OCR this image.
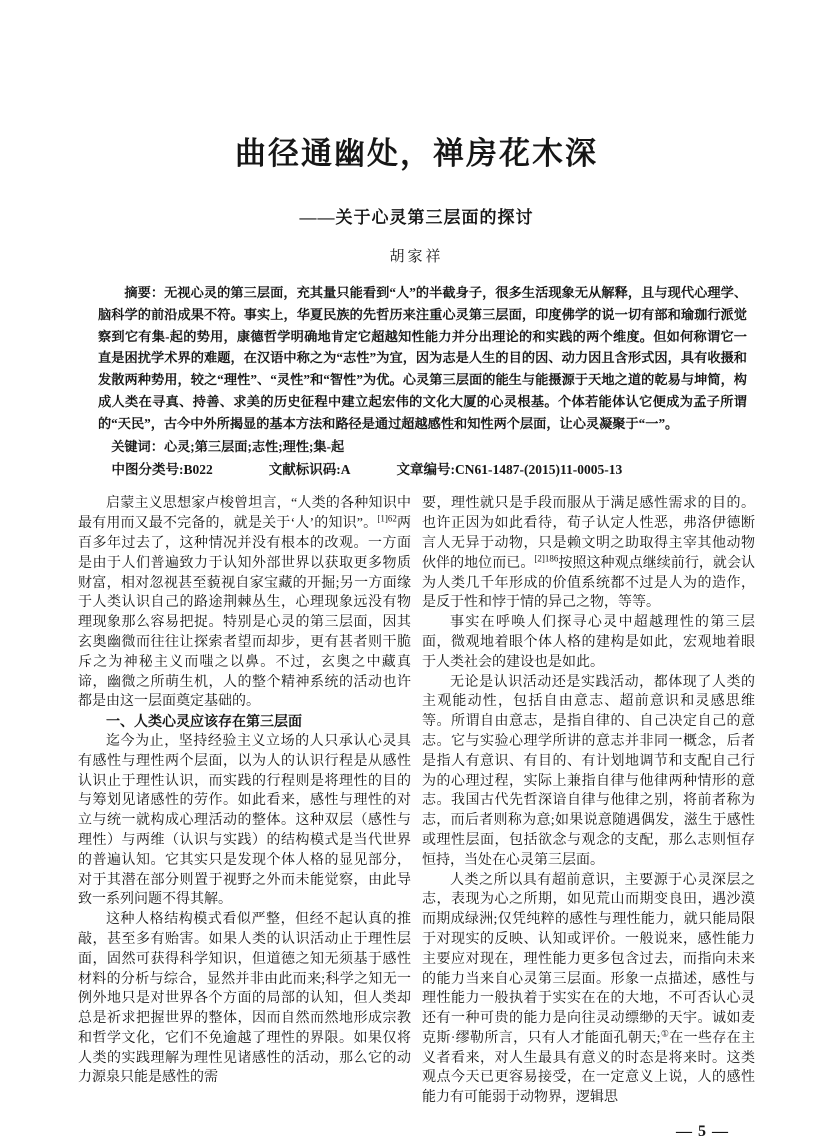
曲径通幽处，禅房花木深
——关于心灵第三层面的探讨
胡家祥
摘要：无视心灵的第三层面，充其量只能看到“人”的半截身子，很多生活现象无从解释，且与现代心理学、脑科学的前沿成果不符。事实上，华夏民族的先哲历来注重心灵第三层面，印度佛学的说一切有部和瑜珈行派觉察到它有集-起的势用，康德哲学明确地肯定它超越知性能力并分出理论的和实践的两个维度。但如何称谓它一直是困扰学术界的难题，在汉语中称之为“志性”为宜，因为志是人生的目的因、动力因且含形式因，具有收摄和发散两种势用，较之“理性”、“灵性”和“智性”为优。心灵第三层面的能生与能摄源于天地之道的乾易与坤简，构成人类在寻真、持善、求美的历史征程中建立起宏伟的文化大厦的心灵根基。个体若能体认它便成为孟子所谓的“天民”，古今中外所揭显的基本方法和路径是通过超越感性和知性两个层面，让心灵凝聚于“一”。
关键词：心灵;第三层面;志性;理性;集-起
中图分类号:B022	文献标识码:A	文章编号:CN61-1487-(2015)11-0005-13

启蒙主义思想家卢梭曾坦言，“人类的各种知识中最有用而又最不完备的，就是关于‘人’的知识”。$^{[1]62}$两百多年过去了，这种情况并没有根本的改观。一方面是由于人们普遍致力于认知外部世界以获取更多物质财富，相对忽视甚至藐视自家宝藏的开掘;另一方面缘于人类认识自己的路途荆棘丛生，心理现象远没有物理现象那么容易把捉。特别是心灵的第三层面，因其玄奥幽微而往往让探索者望而却步，更有甚者则干脆斥之为神秘主义而嗤之以鼻。不过，玄奥之中藏真谛，幽微之所萌生机，人的整个精神系统的活动也许都是由这一层面奠定基础的。

一、人类心灵应该存在第三层面

迄今为止，坚持经验主义立场的人只承认心灵具有感性与理性两个层面，以为人的认识行程是从感性认识止于理性认识，而实践的行程则是将理性的目的与筹划见诸感性的劳作。如此看来，感性与理性的对立与统一就构成心理活动的整体。这种双层（感性与理性）与两维（认识与实践）的结构模式是当代世界的普遍认知。它其实只是发现个体人格的显见部分，对于其潜在部分则置于视野之外而未能觉察，由此导致一系列问题不得其解。

这种人格结构模式看似严整，但经不起认真的推敲，甚至多有贻害。如果人类的认识活动止于理性层面，固然可获得科学知识，但道德之知无须基于感性材料的分析与综合，显然并非由此而来;科学之知无一例外地只是对世界各个方面的局部的认知，但人类却总是祈求把握世界的整体，因而自然而然地形成宗教和哲学文化，它们不免逾越了理性的界限。如果仅将人类的实践理解为理性见诸感性的活动，那么它的动力源泉只能是感性的需

要，理性就只是手段而服从于满足感性需求的目的。也许正因为如此看待，荀子认定人性恶，弗洛伊德断言人无异于动物，只是赖文明之助取得主宰其他动物伙伴的地位而已。$^{[2]186}$按照这种观点继续前行，就会认为人类几千年形成的价值系统都不过是人为的造作，是反于性和悖于情的异己之物，等等。

事实在呼唤人们探寻心灵中超越理性的第三层面，微观地着眼个体人格的建构是如此，宏观地着眼于人类社会的建设也是如此。

无论是认识活动还是实践活动，都体现了人类的主观能动性，包括自由意志、超前意识和灵感思维等。所谓自由意志，是指自律的、自己决定自己的意志。它与实验心理学所讲的意志并非同一概念，后者是指人有意识、有目的、有计划地调节和支配自己行为的心理过程，实际上兼指自律与他律两种情形的意志。我国古代先哲深谙自律与他律之别，将前者称为志，而后者则称为意;如果说意随遇偶发，滋生于感性或理性层面，包括欲念与观念的支配，那么志则恒存恒持，当处在心灵第三层面。

人类之所以具有超前意识，主要源于心灵深层之志，表现为心之所期，如见荒山而期变良田，遇沙漠而期成绿洲;仅凭纯粹的感性与理性能力，就只能局限于对现实的反映、认知或评价。一般说来，感性能力主要应对现在，理性能力更多包含过去，而指向未来的能力当来自心灵第三层面。形象一点描述，感性与理性能力一般执着于实实在在的大地，不可否认心灵还有一种可贵的能力是向往灵动缥缈的天宇。诚如麦克斯·缪勒所言，只有人才能面孔朝天;①在一些存在主义者看来，对人生最具有意义的时态是将来时。这类观点今天已更容易接受，在一定意义上说，人的感性能力有可能弱于动物界，逻辑思

— 5 —
